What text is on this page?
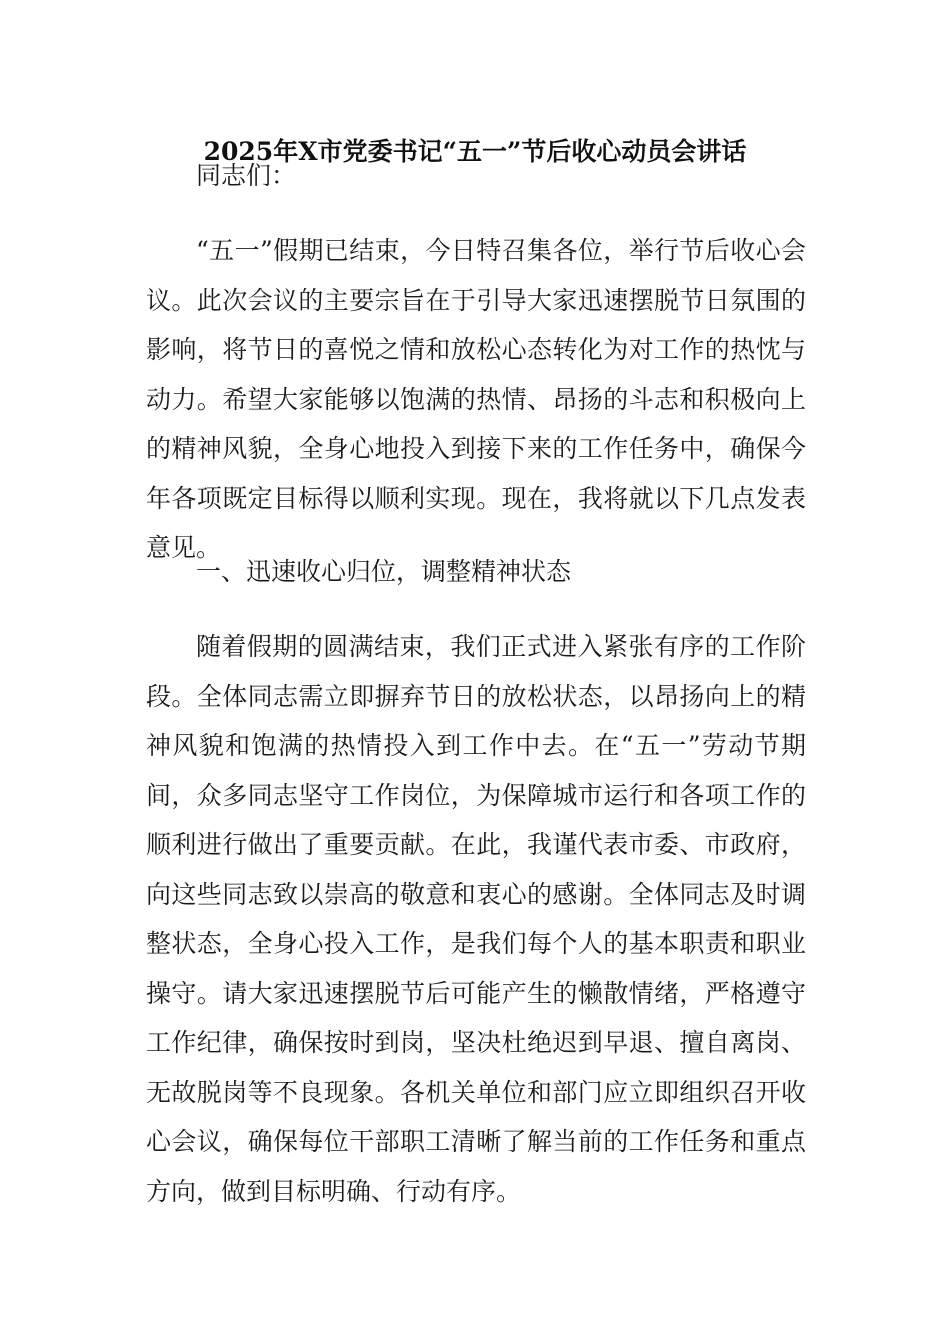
2025年X市党委书记“五一”节后收心动员会讲话

同志们：

“五一”假期已结束，今日特召集各位，举行节后收心会议。此次会议的主要宗旨在于引导大家迅速摆脱节日氛围的影响，将节日的喜悦之情和放松心态转化为对工作的热忱与动力。希望大家能够以饱满的热情、昂扬的斗志和积极向上的精神风貌，全身心地投入到接下来的工作任务中，确保今年各项既定目标得以顺利实现。现在，我将就以下几点发表意见。

一、迅速收心归位，调整精神状态

随着假期的圆满结束，我们正式进入紧张有序的工作阶段。全体同志需立即摒弃节日的放松状态，以昂扬向上的精神风貌和饱满的热情投入到工作中去。在“五一”劳动节期间，众多同志坚守工作岗位，为保障城市运行和各项工作的顺利进行做出了重要贡献。在此，我谨代表市委、市政府，向这些同志致以崇高的敬意和衷心的感谢。全体同志及时调整状态，全身心投入工作，是我们每个人的基本职责和职业操守。请大家迅速摆脱节后可能产生的懒散情绪，严格遵守工作纪律，确保按时到岗，坚决杜绝迟到早退、擅自离岗、无故脱岗等不良现象。各机关单位和部门应立即组织召开收心会议，确保每位干部职工清晰了解当前的工作任务和重点方向，做到目标明确、行动有序。
